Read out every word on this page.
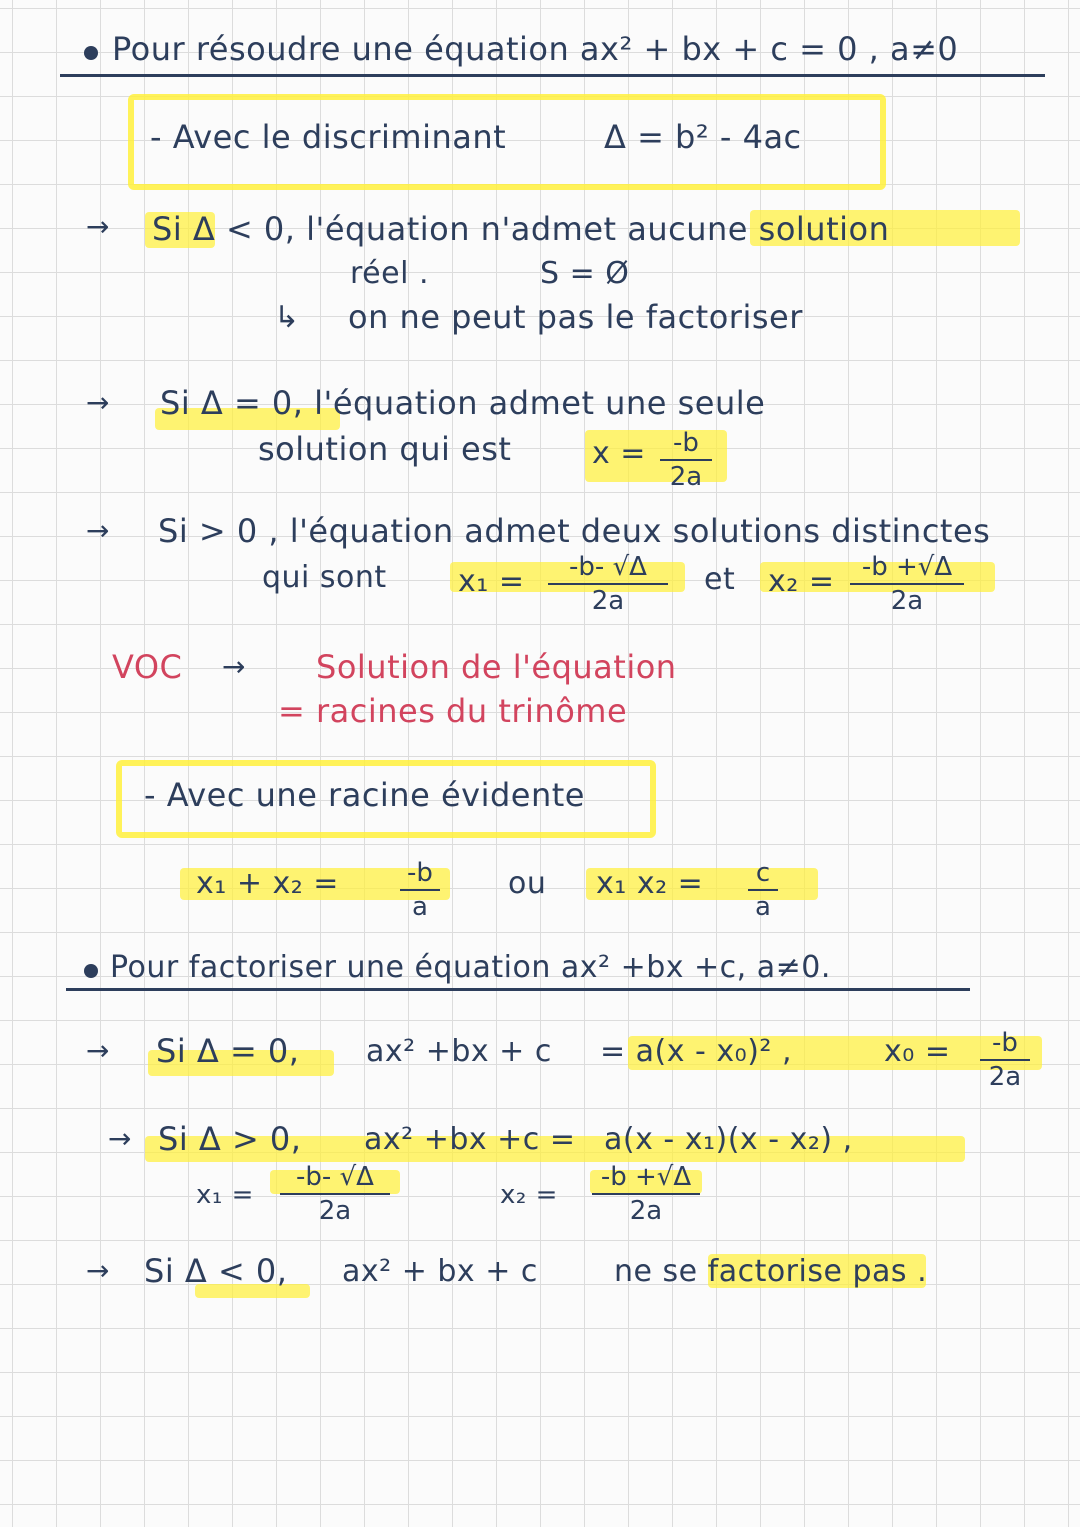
Pour résoudre une équation ax² + bx + c = 0 , a≠0
- Avec le discriminant	Δ = b² - 4ac
→ Si Δ < 0, l'équation n'admet aucune solution
réel .	S = Ø
↳ on ne peut pas le factoriser
→ Si Δ = 0, l'équation admet une seule
solution qui est	x = -b
2a
→ Si > 0 , l'équation admet deux solutions distinctes
qui sont x₁ = -b- √Δ
2a
et x₂ = -b +√Δ
2a
VOC → Solution de l'équation
= racines du trinôme
- Avec une racine évidente
x₁ + x₂ =	-b
a
ou x₁ x₂ = c
a
Pour factoriser une équation ax² +bx +c, a≠0.
→ Si Δ = 0, ax² +bx + c = a(x - x₀)² ,	x₀ = -b
2a
→ Si Δ > 0, ax² +bx +c = a(x - x₁)(x - x₂) ,
x₁ =
-b- √Δ
2a
x₂ =
-b +√Δ
2a
→ Si Δ < 0, ax² + bx + c	ne se factorise pas .
